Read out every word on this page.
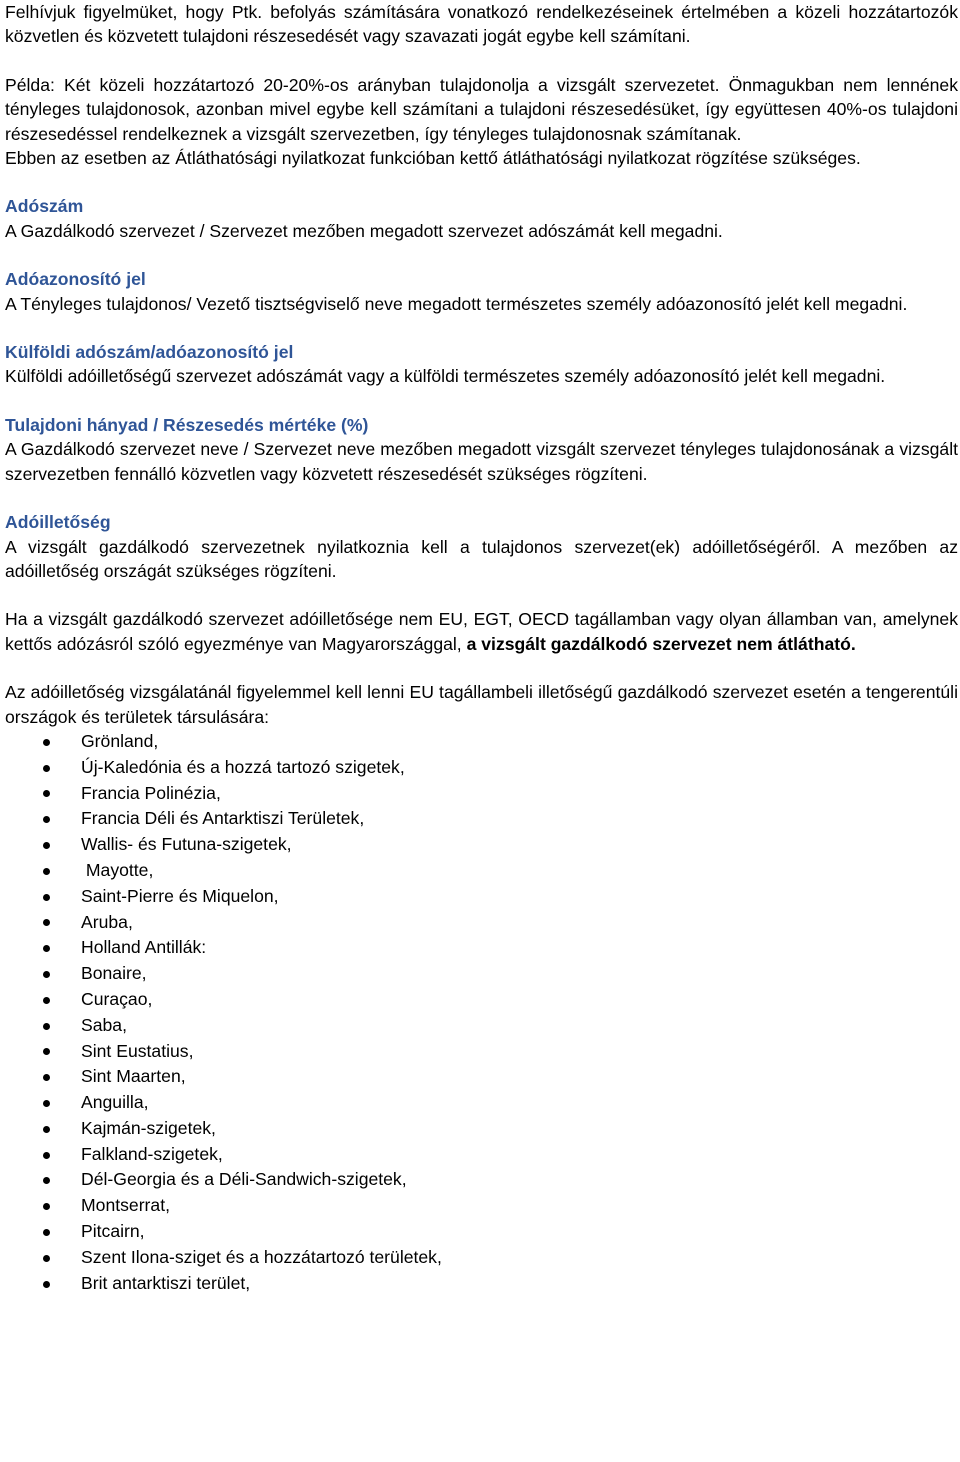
Felhívjuk figyelmüket, hogy Ptk. befolyás számítására vonatkozó rendelkezéseinek értelmében a közeli hozzátartozók közvetlen és közvetett tulajdoni részesedését vagy szavazati jogát egybe kell számítani.

Példa: Két közeli hozzátartozó 20-20%-os arányban tulajdonolja a vizsgált szervezetet. Önmagukban nem lennének tényleges tulajdonosok, azonban mivel egybe kell számítani a tulajdoni részesedésüket, így együttesen 40%-os tulajdoni részesedéssel rendelkeznek a vizsgált szervezetben, így tényleges tulajdonosnak számítanak.

Ebben az esetben az Átláthatósági nyilatkozat funkcióban kettő átláthatósági nyilatkozat rögzítése szükséges.

Adószám

A Gazdálkodó szervezet / Szervezet mezőben megadott szervezet adószámát kell megadni.

Adóazonosító jel

A Tényleges tulajdonos/ Vezető tisztségviselő neve megadott természetes személy adóazonosító jelét kell megadni.

Külföldi adószám/adóazonosító jel

Külföldi adóilletőségű szervezet adószámát vagy a külföldi természetes személy adóazonosító jelét kell megadni.

Tulajdoni hányad / Részesedés mértéke (%)

A Gazdálkodó szervezet neve / Szervezet neve mezőben megadott vizsgált szervezet tényleges tulajdonosának a vizsgált szervezetben fennálló közvetlen vagy közvetett részesedését szükséges rögzíteni.

Adóilletőség

A vizsgált gazdálkodó szervezetnek nyilatkoznia kell a tulajdonos szervezet(ek) adóilletőségéről. A mezőben az adóilletőség országát szükséges rögzíteni.

Ha a vizsgált gazdálkodó szervezet adóilletősége nem EU, EGT, OECD tagállamban vagy olyan államban van, amelynek kettős adózásról szóló egyezménye van Magyarországgal, a vizsgált gazdálkodó szervezet nem átlátható.

Az adóilletőség vizsgálatánál figyelemmel kell lenni EU tagállambeli illetőségű gazdálkodó szervezet esetén a tengerentúli országok és területek társulására:

Grönland,
Új-Kaledónia és a hozzá tartozó szigetek,
Francia Polinézia,
Francia Déli és Antarktiszi Területek,
Wallis- és Futuna-szigetek,
Mayotte,
Saint-Pierre és Miquelon,
Aruba,
Holland Antillák:
Bonaire,
Curaçao,
Saba,
Sint Eustatius,
Sint Maarten,
Anguilla,
Kajmán-szigetek,
Falkland-szigetek,
Dél-Georgia és a Déli-Sandwich-szigetek,
Montserrat,
Pitcairn,
Szent Ilona-sziget és a hozzátartozó területek,
Brit antarktiszi terület,
